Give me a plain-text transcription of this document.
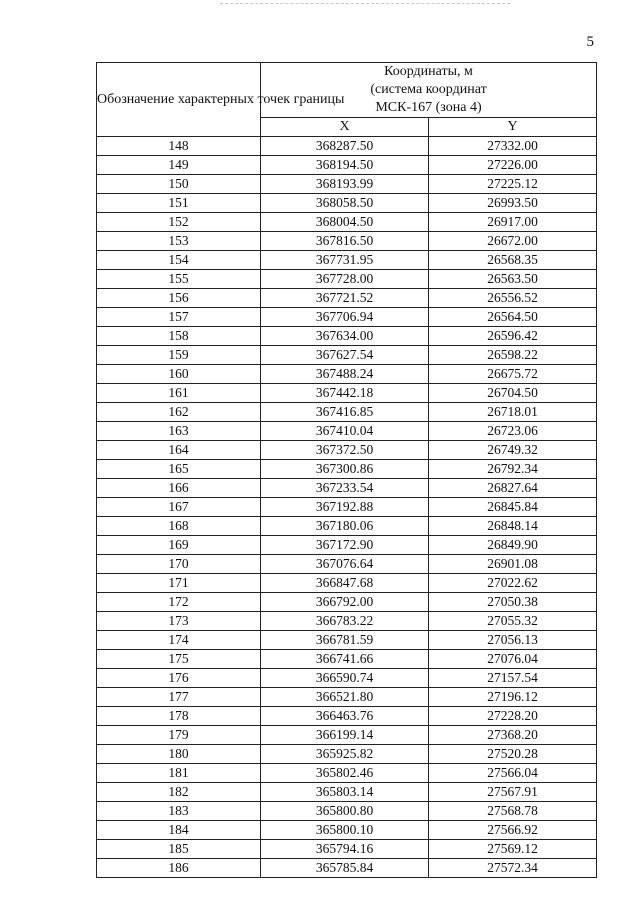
5
Обозначение характерных точек границы	Координаты, м
(система координат
МСК-167 (зона 4)	
	X	Y
148	368287.50	27332.00
149	368194.50	27226.00
150	368193.99	27225.12
151	368058.50	26993.50
152	368004.50	26917.00
153	367816.50	26672.00
154	367731.95	26568.35
155	367728.00	26563.50
156	367721.52	26556.52
157	367706.94	26564.50
158	367634.00	26596.42
159	367627.54	26598.22
160	367488.24	26675.72
161	367442.18	26704.50
162	367416.85	26718.01
163	367410.04	26723.06
164	367372.50	26749.32
165	367300.86	26792.34
166	367233.54	26827.64
167	367192.88	26845.84
168	367180.06	26848.14
169	367172.90	26849.90
170	367076.64	26901.08
171	366847.68	27022.62
172	366792.00	27050.38
173	366783.22	27055.32
174	366781.59	27056.13
175	366741.66	27076.04
176	366590.74	27157.54
177	366521.80	27196.12
178	366463.76	27228.20
179	366199.14	27368.20
180	365925.82	27520.28
181	365802.46	27566.04
182	365803.14	27567.91
183	365800.80	27568.78
184	365800.10	27566.92
185	365794.16	27569.12
186	365785.84	27572.34
